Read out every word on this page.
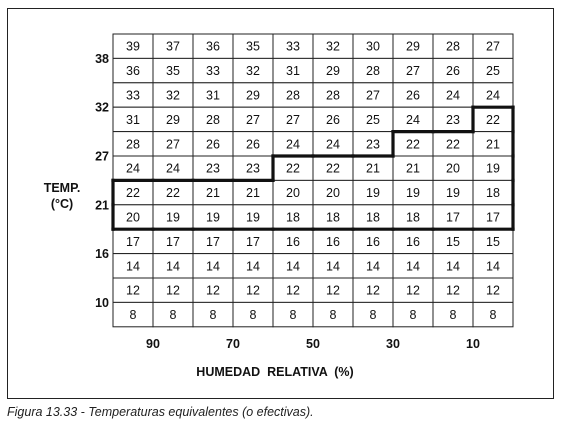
39 37 36 35 33 32 30 29 28 27
36 35 33 32 31 29 28 27 26 25
33 32 31 29 28 28 27 26 24 24
31 29 28 27 27 26 25 24 23 22
28 27 26 26 24 24 23 22 22 21
24 24 23 23 22 22 21 21 20 19
22 22 21 21 20 20 19 19 19 18
20 19 19 19 18 18 18 18 17 17
17 17 17 17 16 16 16 16 15 15
14 14 14 14 14 14 14 14 14 14
12 12 12 12 12 12 12 12 12 12
8	8	8	8	8	8	8	8	8	8
38
32
27
21
16
10
90	70	50	30	10
TEMP.
(°C)
HUMEDAD  RELATIVA  (%)
Figura 13.33 - Temperaturas equivalentes (o efectivas).
